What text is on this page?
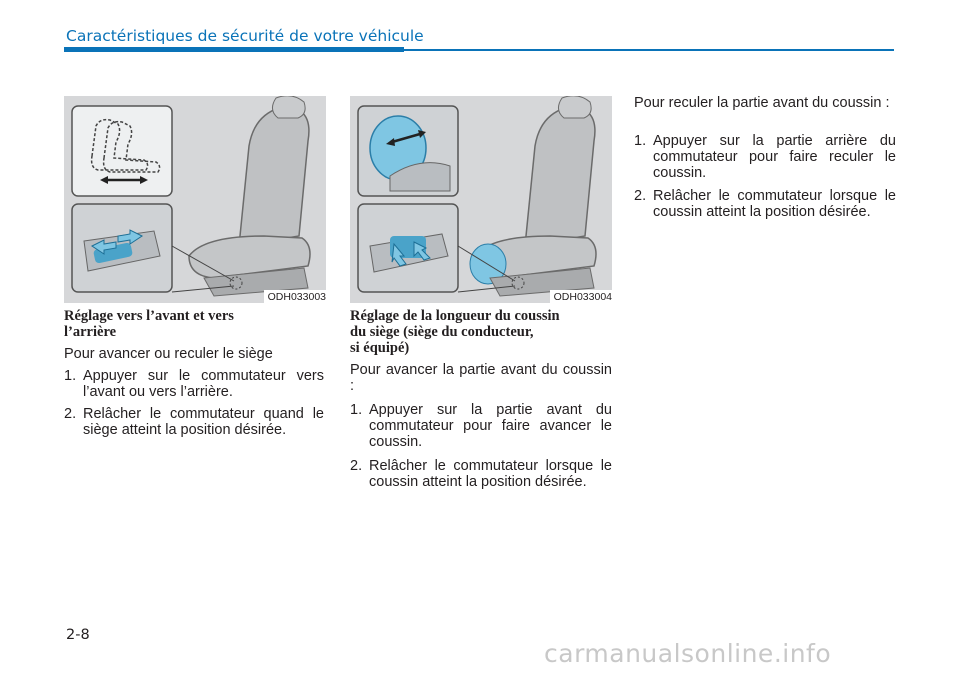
Caractéristiques de sécurité de votre véhicule
ODH033003	ODH033004
Réglage vers l’avant et vers
l’arrière
Pour avancer ou reculer le siège
1. Appuyer sur le commutateur vers l’avant ou vers l’arrière.
2. Relâcher le commutateur quand le siège atteint la position désirée.
Réglage de la longueur du coussin
du siège (siège du conducteur,
si équipé)
Pour avancer la partie avant du coussin :
1. Appuyer sur la partie avant du commutateur pour faire avancer le coussin.
2. Relâcher le commutateur lorsque le coussin atteint la position désirée.
Pour reculer la partie avant du coussin :
1. Appuyer sur la partie arrière du commutateur pour faire reculer le coussin.
2. Relâcher le commutateur lorsque le coussin atteint la position désirée.
2-8
carmanualsonline.info
